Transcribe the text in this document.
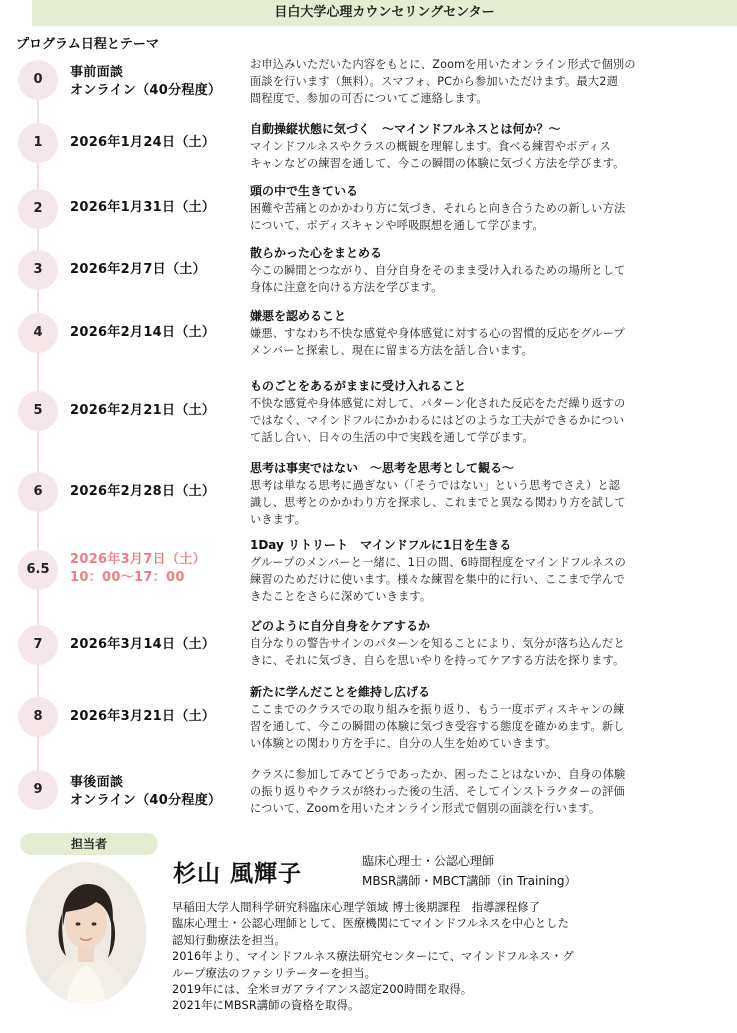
目白大学心理カウンセリングセンター
プログラム日程とテーマ
0	事前面談
オンライン（40分程度）
お申込みいただいた内容をもとに、Zoomを用いたオンライン形式で個別の
面談を行います（無料）。スマフォ、PCから参加いただけます。最大2週
間程度で、参加の可否についてご連絡します。
1	2026年1月24日（土）
自動操縦状態に気づく　～マインドフルネスとは何か？～
マインドフルネスやクラスの概観を理解します。食べる練習やボディス
キャンなどの練習を通して、今この瞬間の体験に気づく方法を学びます。
2	2026年1月31日（土）
頭の中で生きている
困難や苦痛とのかかわり方に気づき、それらと向き合うための新しい方法
について、ボディスキャンや呼吸瞑想を通して学びます。
3	2026年2月7日（土）
散らかった心をまとめる
今この瞬間とつながり、自分自身をそのまま受け入れるための場所として
身体に注意を向ける方法を学びます。
4	2026年2月14日（土）
嫌悪を認めること
嫌悪、すなわち不快な感覚や身体感覚に対する心の習慣的反応をグループ
メンバーと探索し、現在に留まる方法を話し合います。
5	2026年2月21日（土）
ものごとをあるがままに受け入れること
不快な感覚や身体感覚に対して、パターン化された反応をただ繰り返すの
ではなく、マインドフルにかかわるにはどのような工夫ができるかについ
て話し合い、日々の生活の中で実践を通して学びます。
6	2026年2月28日（土）
思考は事実ではない　～思考を思考として観る～
思考は単なる思考に過ぎない（「そうではない」という思考でさえ）と認
識し、思考とのかかわり方を探求し、これまでと異なる関わり方を試して
いきます。
6.5
2026年3月7日（土）
10：00～17：00
1Day リトリート　マインドフルに1日を生きる
グループのメンバーと一緒に、1日の間、6時間程度をマインドフルネスの
練習のためだけに使います。様々な練習を集中的に行い、ここまで学んで
きたことをさらに深めていきます。
7	2026年3月14日（土）
どのように自分自身をケアするか
自分なりの警告サインのパターンを知ることにより、気分が落ち込んだと
きに、それに気づき、自らを思いやりを持ってケアする方法を探ります。
8	2026年3月21日（土）
新たに学んだことを維持し広げる
ここまでのクラスでの取り組みを振り返り、もう一度ボディスキャンの練
習を通して、今この瞬間の体験に気づき受容する態度を確かめます。新し
い体験との関わり方を手に、自分の人生を始めていきます。
9	事後面談
オンライン（40分程度）
クラスに参加してみてどうであったか、困ったことはないか、自身の体験
の振り返りやクラスが終わった後の生活、そしてインストラクターの評価
について、Zoomを用いたオンライン形式で個別の面談を行います。
担当者
杉山 風輝子	臨床心理士・公認心理師
MBSR講師・MBCT講師（in Training）
早稲田大学人間科学研究科臨床心理学領域 博士後期課程　指導課程修了
臨床心理士・公認心理師として、医療機関にてマインドフルネスを中心とした
認知行動療法を担当。
2016年より、マインドフルネス療法研究センターにて、マインドフルネス・グ
ループ療法のファシリテーターを担当。
2019年には、全米ヨガアライアンス認定200時間を取得。
2021年にMBSR講師の資格を取得。
